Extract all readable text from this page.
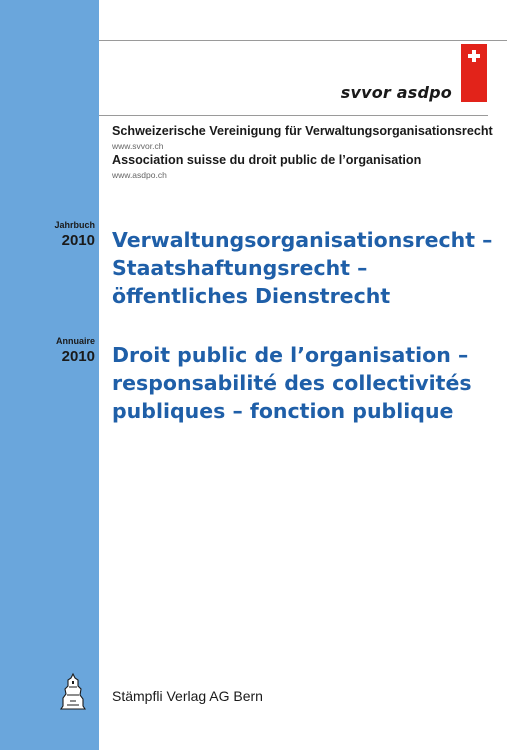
svvor asdpo
Schweizerische Vereinigung für Verwaltungsorganisationsrecht
www.svvor.ch
Association suisse du droit public de l’organisation
www.asdpo.ch
Jahrbuch
2010 Verwaltungsorganisationsrecht –
Staatshaftungsrecht –
öffentliches Dienstrecht
Annuaire
2010 Droit public de l’organisation –
responsabilité des collectivités
publiques – fonction publique
Stämpfli Verlag AG Bern
